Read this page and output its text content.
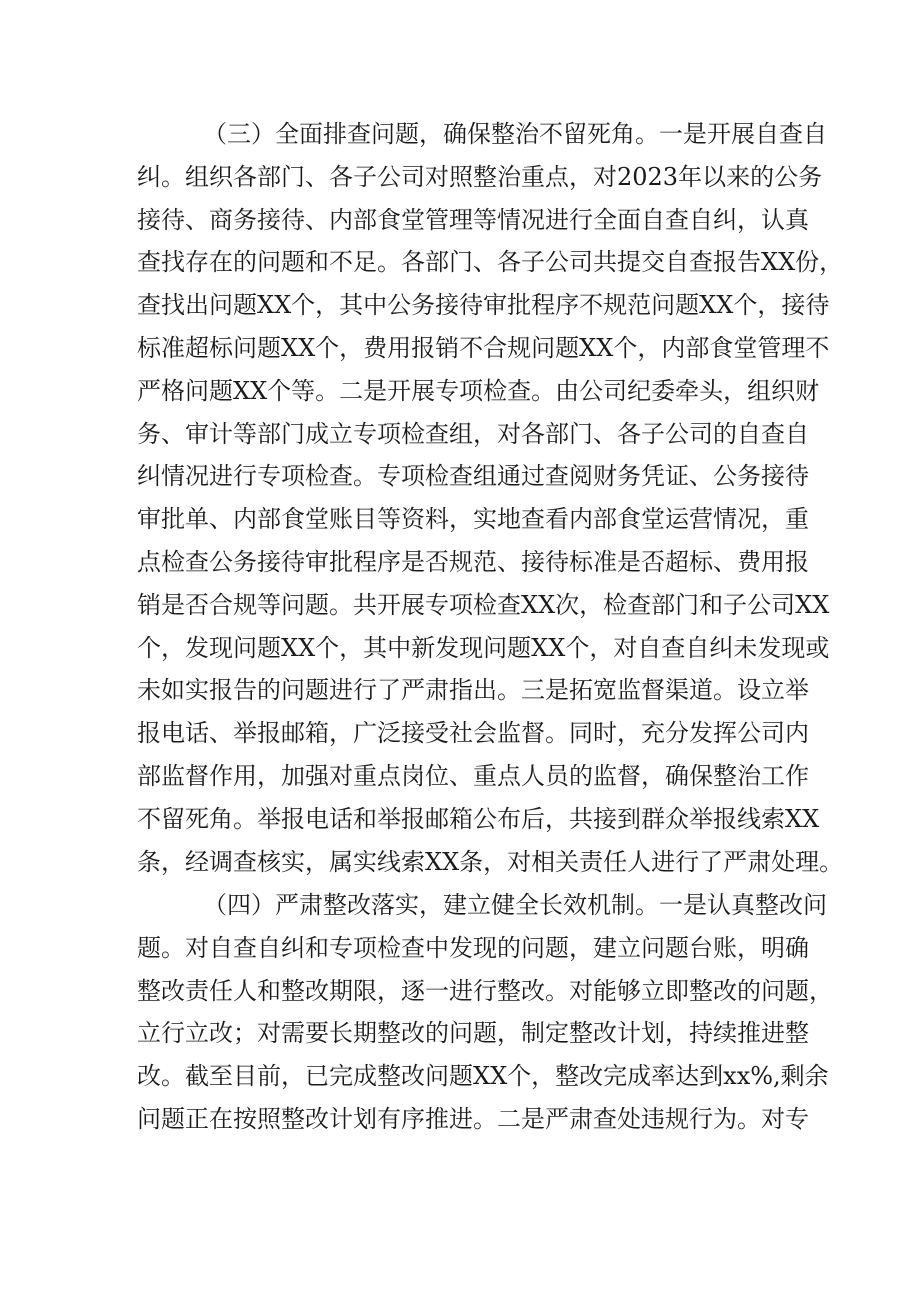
（三）全面排查问题，确保整治不留死角。一是开展自查自
纠。组织各部门、各子公司对照整治重点，对2023年以来的公务
接待、商务接待、内部食堂管理等情况进行全面自查自纠，认真
查找存在的问题和不足。各部门、各子公司共提交自查报告XX份，
查找出问题XX个，其中公务接待审批程序不规范问题XX个，接待
标准超标问题XX个，费用报销不合规问题XX个，内部食堂管理不
严格问题XX个等。二是开展专项检查。由公司纪委牵头，组织财
务、审计等部门成立专项检查组，对各部门、各子公司的自查自
纠情况进行专项检查。专项检查组通过查阅财务凭证、公务接待
审批单、内部食堂账目等资料，实地查看内部食堂运营情况，重
点检查公务接待审批程序是否规范、接待标准是否超标、费用报
销是否合规等问题。共开展专项检查XX次，检查部门和子公司XX
个，发现问题XX个，其中新发现问题XX个，对自查自纠未发现或
未如实报告的问题进行了严肃指出。三是拓宽监督渠道。设立举
报电话、举报邮箱，广泛接受社会监督。同时，充分发挥公司内
部监督作用，加强对重点岗位、重点人员的监督，确保整治工作
不留死角。举报电话和举报邮箱公布后，共接到群众举报线索XX
条，经调查核实，属实线索XX条，对相关责任人进行了严肃处理。
（四）严肃整改落实，建立健全长效机制。一是认真整改问
题。对自查自纠和专项检查中发现的问题，建立问题台账，明确
整改责任人和整改期限，逐一进行整改。对能够立即整改的问题，
立行立改；对需要长期整改的问题，制定整改计划，持续推进整
改。截至目前，已完成整改问题XX个，整改完成率达到xx%,剩余
问题正在按照整改计划有序推进。二是严肃查处违规行为。对专
